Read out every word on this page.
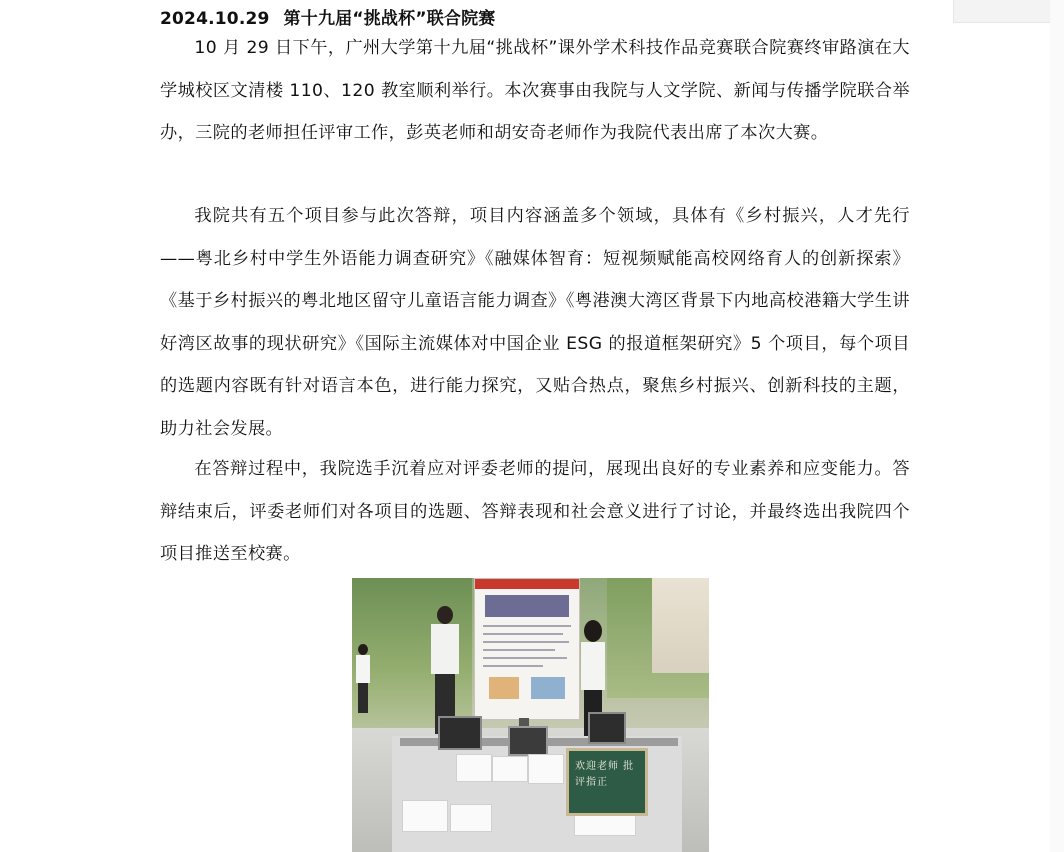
2024.10.29 第十九届“挑战杯”联合院赛

10 月 29 日下午，广州大学第十九届“挑战杯”课外学术科技作品竞赛联合院赛终审路演在大学城校区文清楼 110、120 教室顺利举行。本次赛事由我院与人文学院、新闻与传播学院联合举办，三院的老师担任评审工作，彭英老师和胡安奇老师作为我院代表出席了本次大赛。

我院共有五个项目参与此次答辩，项目内容涵盖多个领域，具体有《乡村振兴，人才先行——粤北乡村中学生外语能力调查研究》《融媒体智育：短视频赋能高校网络育人的创新探索》《基于乡村振兴的粤北地区留守儿童语言能力调查》《粤港澳大湾区背景下内地高校港籍大学生讲好湾区故事的现状研究》《国际主流媒体对中国企业 ESG 的报道框架研究》5 个项目，每个项目的选题内容既有针对语言本色，进行能力探究，又贴合热点，聚焦乡村振兴、创新科技的主题，助力社会发展。

在答辩过程中，我院选手沉着应对评委老师的提问，展现出良好的专业素养和应变能力。答辩结束后，评委老师们对各项目的选题、答辩表现和社会意义进行了讨论，并最终选出我院四个项目推送至校赛。

欢迎老师 批评指正
